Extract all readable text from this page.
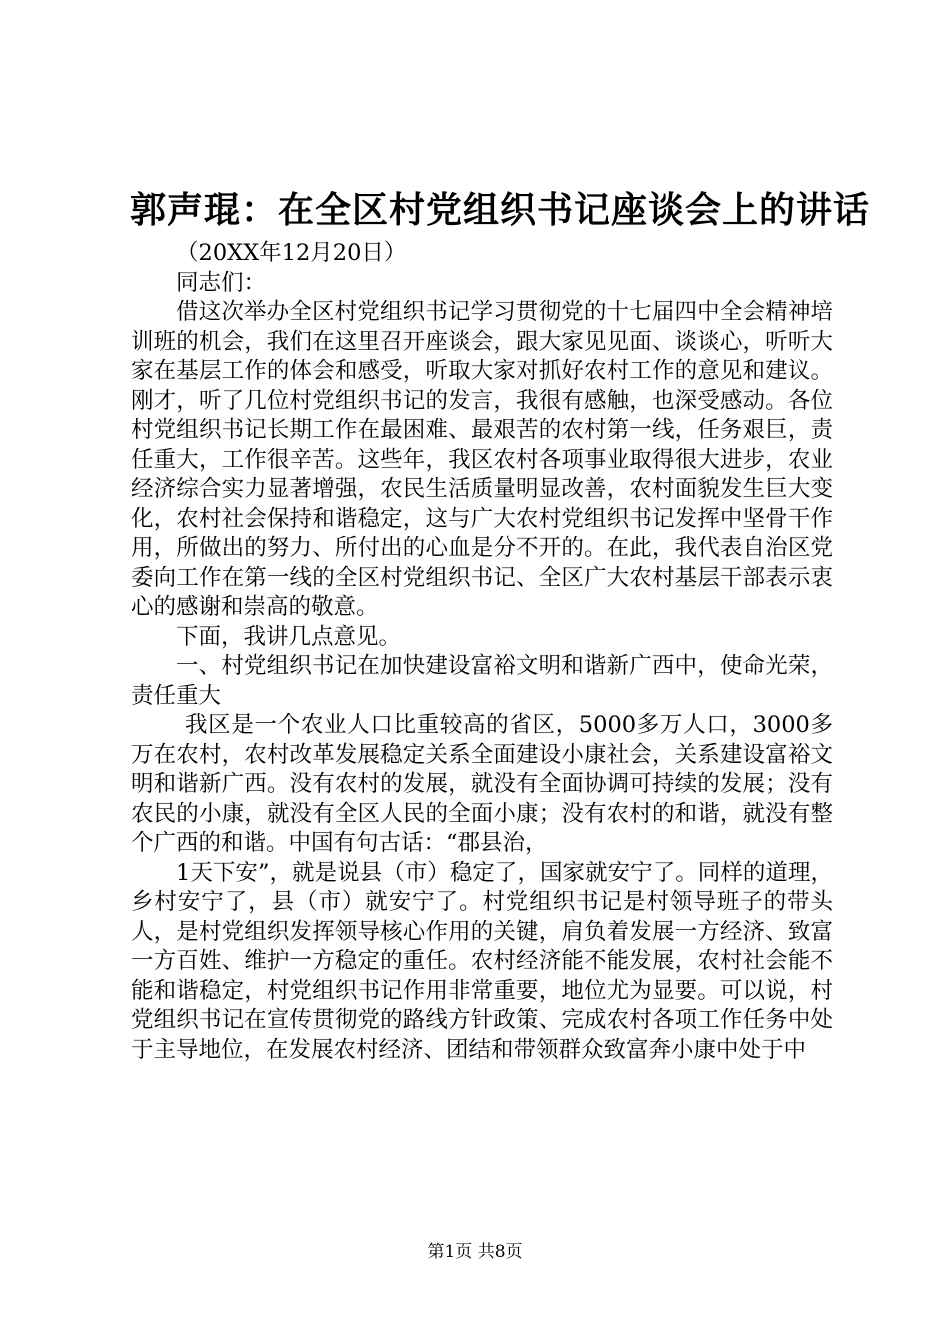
郭声琨：在全区村党组织书记座谈会上的讲话

（20XX年12月20日）

同志们：

借这次举办全区村党组织书记学习贯彻党的十七届四中全会精神培训班的机会，我们在这里召开座谈会，跟大家见见面、谈谈心，听听大家在基层工作的体会和感受，听取大家对抓好农村工作的意见和建议。刚才，听了几位村党组织书记的发言，我很有感触，也深受感动。各位村党组织书记长期工作在最困难、最艰苦的农村第一线，任务艰巨，责任重大，工作很辛苦。这些年，我区农村各项事业取得很大进步，农业经济综合实力显著增强，农民生活质量明显改善，农村面貌发生巨大变化，农村社会保持和谐稳定，这与广大农村党组织书记发挥中坚骨干作用，所做出的努力、所付出的心血是分不开的。在此，我代表自治区党委向工作在第一线的全区村党组织书记、全区广大农村基层干部表示衷心的感谢和崇高的敬意。

下面，我讲几点意见。

一、村党组织书记在加快建设富裕文明和谐新广西中，使命光荣，责任重大

我区是一个农业人口比重较高的省区，5000多万人口，3000多万在农村，农村改革发展稳定关系全面建设小康社会，关系建设富裕文明和谐新广西。没有农村的发展，就没有全面协调可持续的发展；没有农民的小康，就没有全区人民的全面小康；没有农村的和谐，就没有整个广西的和谐。中国有句古话：“郡县治，

1天下安”，就是说县（市）稳定了，国家就安宁了。同样的道理，乡村安宁了，县（市）就安宁了。村党组织书记是村领导班子的带头人，是村党组织发挥领导核心作用的关键，肩负着发展一方经济、致富一方百姓、维护一方稳定的重任。农村经济能不能发展，农村社会能不能和谐稳定，村党组织书记作用非常重要，地位尤为显要。可以说，村党组织书记在宣传贯彻党的路线方针政策、完成农村各项工作任务中处于主导地位，在发展农村经济、团结和带领群众致富奔小康中处于中

第1页 共8页
